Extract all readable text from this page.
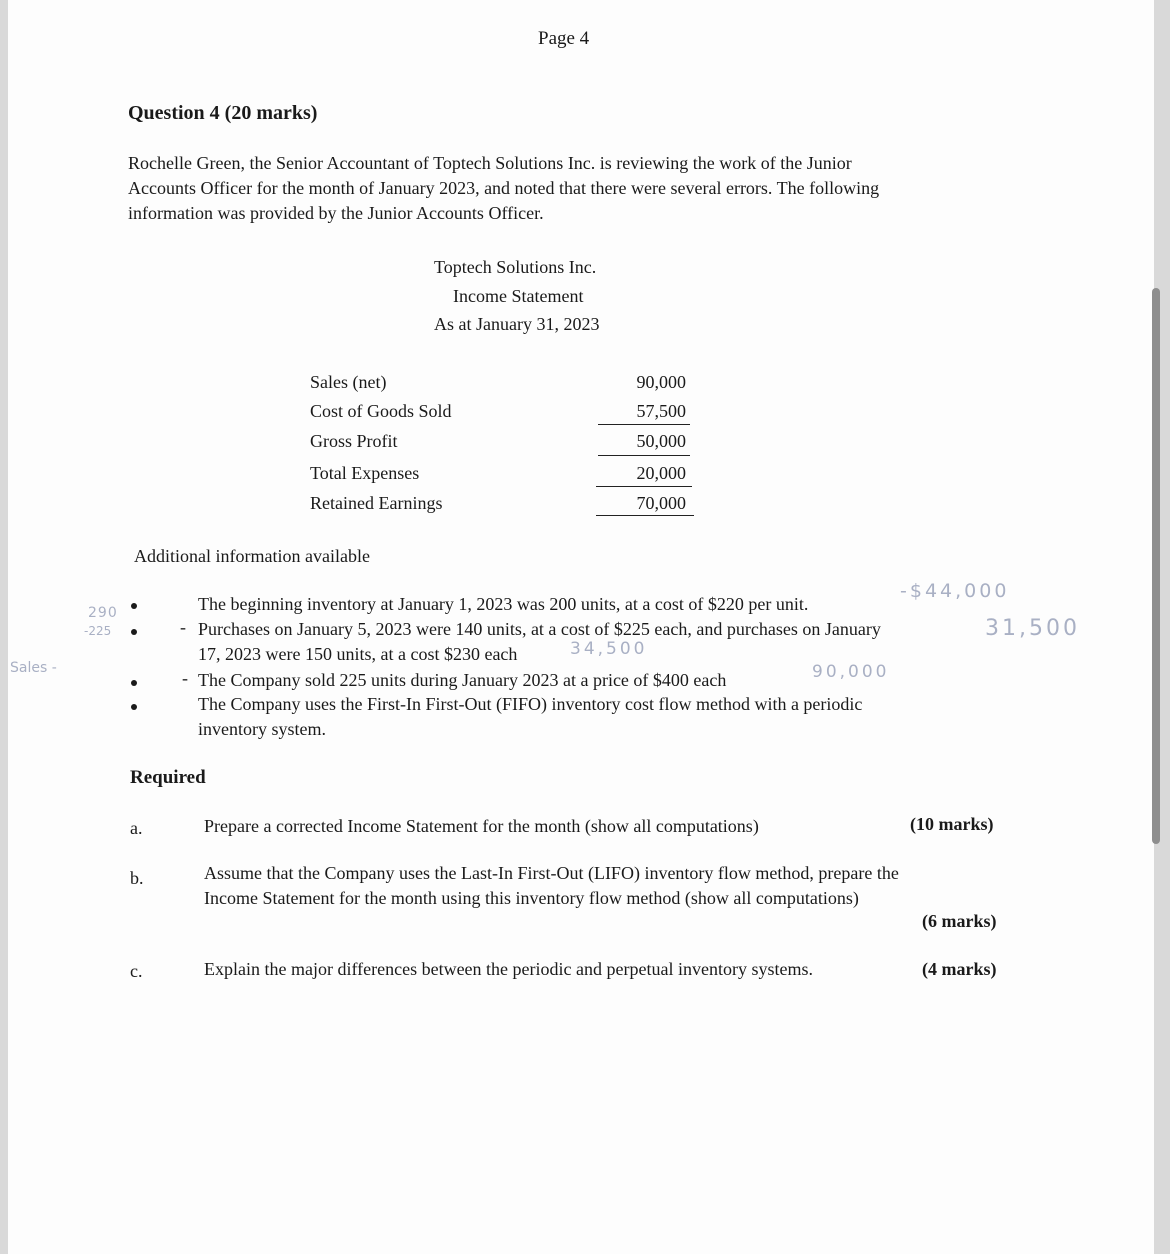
Page 4
Question 4 (20 marks)
Rochelle Green, the Senior Accountant of Toptech Solutions Inc. is reviewing the work of the Junior
Accounts Officer for the month of January 2023, and noted that there were several errors. The following
information was provided by the Junior Accounts Officer.
Toptech Solutions Inc.
Income Statement
As at January 31, 2023
Sales (net)	90,000
Cost of Goods Sold	57,500
Gross Profit	50,000
Total Expenses	20,000
Retained Earnings	70,000
Additional information available
The beginning inventory at January 1, 2023 was 200 units, at a cost of $220 per unit.
Purchases on January 5, 2023 were 140 units, at a cost of $225 each, and purchases on January
17, 2023 were 150 units, at a cost $230 each
The Company sold 225 units during January 2023 at a price of $400 each
The Company uses the First-In First-Out (FIFO) inventory cost flow method with a periodic
inventory system.
-$44,000
31,500
34,500
90,000
290
-225
Sales -
-
-
Required
a.	Prepare a corrected Income Statement for the month (show all computations)	(10 marks)
b.	Assume that the Company uses the Last-In First-Out (LIFO) inventory flow method, prepare the
Income Statement for the month using this inventory flow method (show all computations)
(6 marks)
c.	Explain the major differences between the periodic and perpetual inventory systems.	(4 marks)
